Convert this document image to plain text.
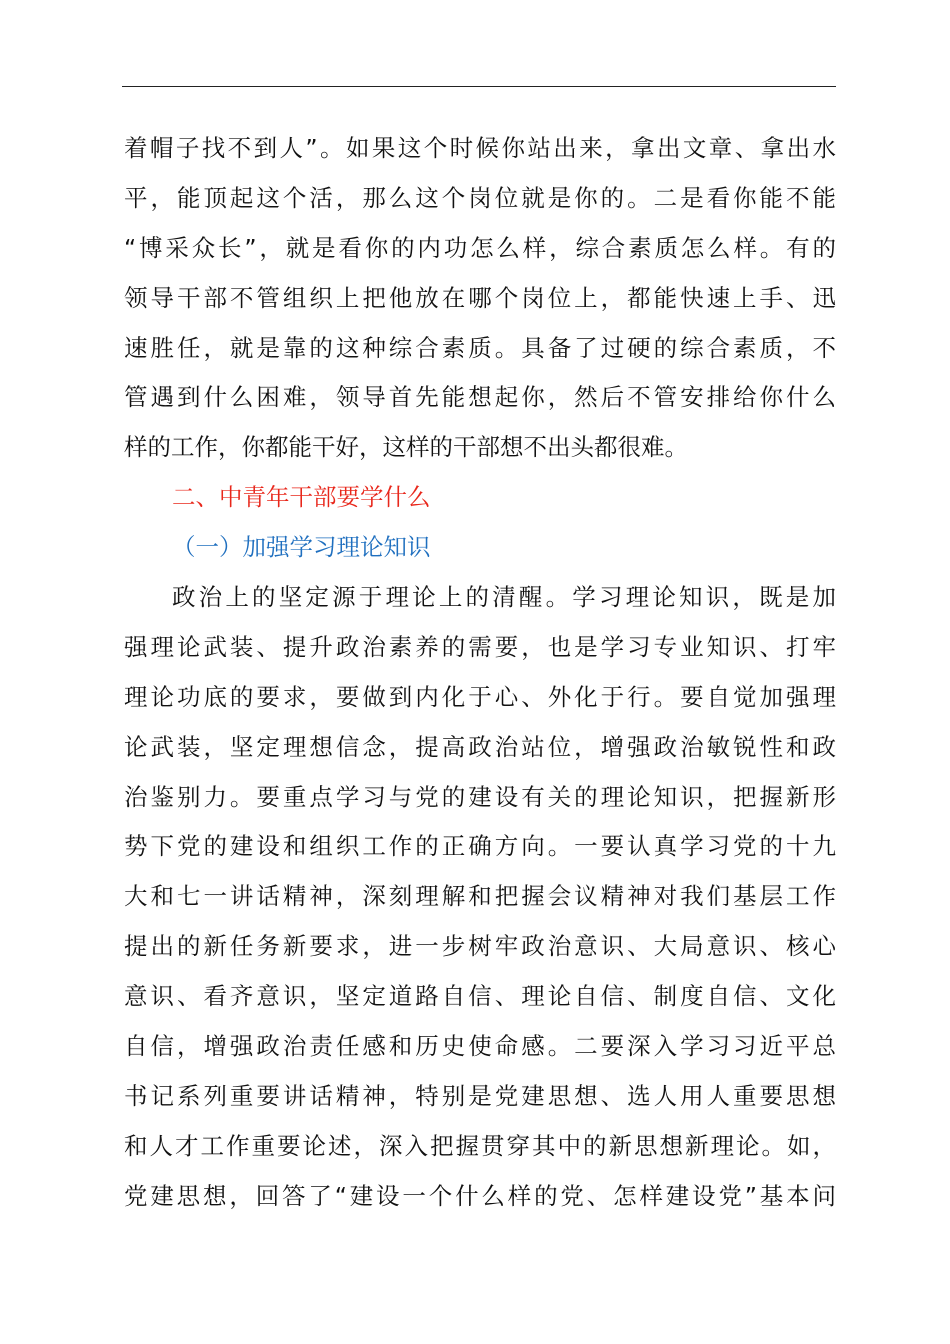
着帽子找不到人”。如果这个时候你站出来，拿出文章、拿出水
平，能顶起这个活，那么这个岗位就是你的。二是看你能不能
“博采众长”，就是看你的内功怎么样，综合素质怎么样。有的
领导干部不管组织上把他放在哪个岗位上，都能快速上手、迅
速胜任，就是靠的这种综合素质。具备了过硬的综合素质，不
管遇到什么困难，领导首先能想起你，然后不管安排给你什么
样的工作，你都能干好，这样的干部想不出头都很难。
二、中青年干部要学什么
（一）加强学习理论知识
政治上的坚定源于理论上的清醒。学习理论知识，既是加
强理论武装、提升政治素养的需要，也是学习专业知识、打牢
理论功底的要求，要做到内化于心、外化于行。要自觉加强理
论武装，坚定理想信念，提高政治站位，增强政治敏锐性和政
治鉴别力。要重点学习与党的建设有关的理论知识，把握新形
势下党的建设和组织工作的正确方向。一要认真学习党的十九
大和七一讲话精神，深刻理解和把握会议精神对我们基层工作
提出的新任务新要求，进一步树牢政治意识、大局意识、核心
意识、看齐意识，坚定道路自信、理论自信、制度自信、文化
自信，增强政治责任感和历史使命感。二要深入学习习近平总
书记系列重要讲话精神，特别是党建思想、选人用人重要思想
和人才工作重要论述，深入把握贯穿其中的新思想新理论。如，
党建思想，回答了“建设一个什么样的党、怎样建设党”基本问
